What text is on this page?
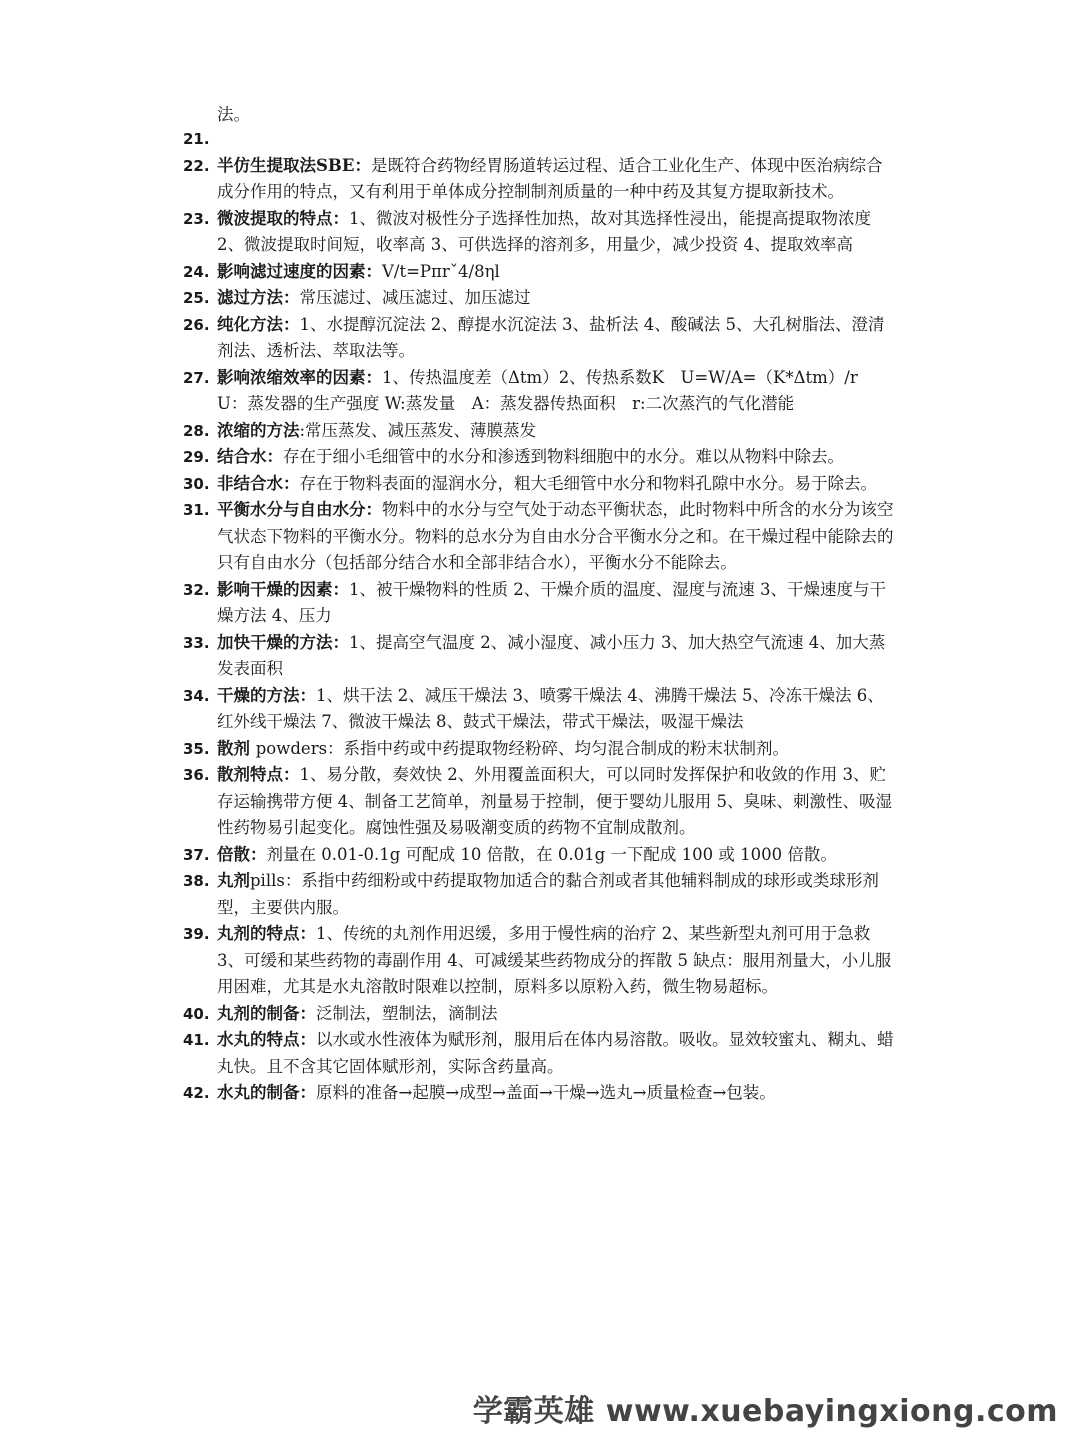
法。
21.
22. 半仿生提取法SBE：是既符合药物经胃肠道转运过程、适合工业化生产、体现中医治病综合成分作用的特点，又有利用于单体成分控制制剂质量的一种中药及其复方提取新技术。
23. 微波提取的特点：1、微波对极性分子选择性加热，故对其选择性浸出，能提高提取物浓度 2、微波提取时间短，收率高 3、可供选择的溶剂多，用量少，减少投资 4、提取效率高
24. 影响滤过速度的因素：V/t=Pπrˇ4/8ηl
25. 滤过方法：常压滤过、减压滤过、加压滤过
26. 纯化方法：1、水提醇沉淀法 2、醇提水沉淀法 3、盐析法 4、酸碱法 5、大孔树脂法、澄清剂法、透析法、萃取法等。
27. 影响浓缩效率的因素：1、传热温度差（Δtm）2、传热系数K　U=W/A=（K*Δtm）/r　U：蒸发器的生产强度 W:蒸发量　A：蒸发器传热面积　r:二次蒸汽的气化潜能
28. 浓缩的方法:常压蒸发、减压蒸发、薄膜蒸发
29. 结合水：存在于细小毛细管中的水分和渗透到物料细胞中的水分。难以从物料中除去。
30. 非结合水：存在于物料表面的湿润水分，粗大毛细管中水分和物料孔隙中水分。易于除去。
31. 平衡水分与自由水分：物料中的水分与空气处于动态平衡状态，此时物料中所含的水分为该空气状态下物料的平衡水分。物料的总水分为自由水分合平衡水分之和。在干燥过程中能除去的只有自由水分（包括部分结合水和全部非结合水），平衡水分不能除去。
32. 影响干燥的因素：1、被干燥物料的性质 2、干燥介质的温度、湿度与流速 3、干燥速度与干燥方法 4、压力
33. 加快干燥的方法：1、提高空气温度 2、减小湿度、减小压力 3、加大热空气流速 4、加大蒸发表面积
34. 干燥的方法：1、烘干法 2、减压干燥法 3、喷雾干燥法 4、沸腾干燥法 5、冷冻干燥法 6、红外线干燥法 7、微波干燥法 8、鼓式干燥法，带式干燥法，吸湿干燥法
35. 散剂 powders：系指中药或中药提取物经粉碎、均匀混合制成的粉末状制剂。
36. 散剂特点：1、易分散，奏效快 2、外用覆盖面积大，可以同时发挥保护和收敛的作用 3、贮存运输携带方便 4、制备工艺简单，剂量易于控制，便于婴幼儿服用 5、臭味、刺激性、吸湿性药物易引起变化。腐蚀性强及易吸潮变质的药物不宜制成散剂。
37. 倍散：剂量在 0.01-0.1g 可配成 10 倍散，在 0.01g 一下配成 100 或 1000 倍散。
38. 丸剂pills：系指中药细粉或中药提取物加适合的黏合剂或者其他辅料制成的球形或类球形剂型，主要供内服。
39. 丸剂的特点：1、传统的丸剂作用迟缓，多用于慢性病的治疗 2、某些新型丸剂可用于急救 3、可缓和某些药物的毒副作用 4、可减缓某些药物成分的挥散 5 缺点：服用剂量大，小儿服用困难，尤其是水丸溶散时限难以控制，原料多以原粉入药，微生物易超标。
40. 丸剂的制备：泛制法，塑制法，滴制法
41. 水丸的特点：以水或水性液体为赋形剂，服用后在体内易溶散。吸收。显效较蜜丸、糊丸、蜡丸快。且不含其它固体赋形剂，实际含药量高。
42. 水丸的制备：原料的准备→起膜→成型→盖面→干燥→选丸→质量检查→包装。
学霸英雄 www.xuebayingxiong.com
